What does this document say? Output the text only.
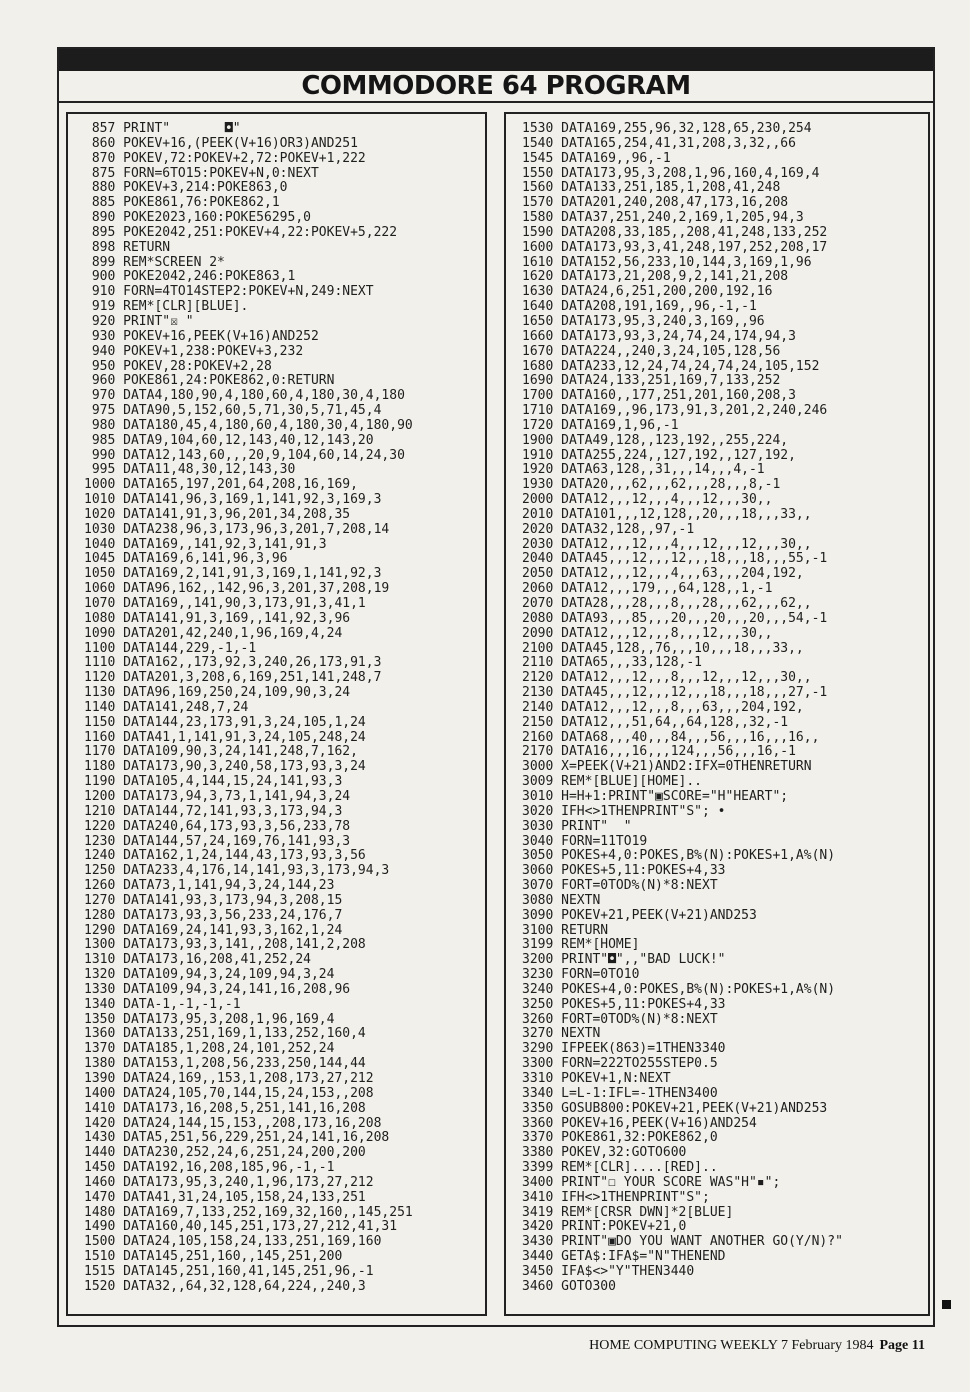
COMMODORE 64 PROGRAM
857 PRINT"       ◘"
860 POKEV+16,(PEEK(V+16)OR3)AND251
870 POKEV,72:POKEV+2,72:POKEV+1,222
875 FORN=6TO15:POKEV+N,0:NEXT
880 POKEV+3,214:POKE863,0
885 POKE861,76:POKE862,1
890 POKE2023,160:POKE56295,0
895 POKE2042,251:POKEV+4,22:POKEV+5,222
898 RETURN
899 REM*SCREEN 2*
900 POKE2042,246:POKE863,1
910 FORN=4TO14STEP2:POKEV+N,249:NEXT
919 REM*[CLR][BLUE].
920 PRINT"☒ "
930 POKEV+16,PEEK(V+16)AND252
940 POKEV+1,238:POKEV+3,232
950 POKEV,28:POKEV+2,28
960 POKE861,24:POKE862,0:RETURN
970 DATA4,180,90,4,180,60,4,180,30,4,180
975 DATA90,5,152,60,5,71,30,5,71,45,4
980 DATA180,45,4,180,60,4,180,30,4,180,90
985 DATA9,104,60,12,143,40,12,143,20
990 DATA12,143,60,,,20,9,104,60,14,24,30
995 DATA11,48,30,12,143,30
1000 DATA165,197,201,64,208,16,169,
1010 DATA141,96,3,169,1,141,92,3,169,3
1020 DATA141,91,3,96,201,34,208,35
1030 DATA238,96,3,173,96,3,201,7,208,14
1040 DATA169,,141,92,3,141,91,3
1045 DATA169,6,141,96,3,96
1050 DATA169,2,141,91,3,169,1,141,92,3
1060 DATA96,162,,142,96,3,201,37,208,19
1070 DATA169,,141,90,3,173,91,3,41,1
1080 DATA141,91,3,169,,141,92,3,96
1090 DATA201,42,240,1,96,169,4,24
1100 DATA144,229,-1,-1
1110 DATA162,,173,92,3,240,26,173,91,3
1120 DATA201,3,208,6,169,251,141,248,7
1130 DATA96,169,250,24,109,90,3,24
1140 DATA141,248,7,24
1150 DATA144,23,173,91,3,24,105,1,24
1160 DATA41,1,141,91,3,24,105,248,24
1170 DATA109,90,3,24,141,248,7,162,
1180 DATA173,90,3,240,58,173,93,3,24
1190 DATA105,4,144,15,24,141,93,3
1200 DATA173,94,3,73,1,141,94,3,24
1210 DATA144,72,141,93,3,173,94,3
1220 DATA240,64,173,93,3,56,233,78
1230 DATA144,57,24,169,76,141,93,3
1240 DATA162,1,24,144,43,173,93,3,56
1250 DATA233,4,176,14,141,93,3,173,94,3
1260 DATA73,1,141,94,3,24,144,23
1270 DATA141,93,3,173,94,3,208,15
1280 DATA173,93,3,56,233,24,176,7
1290 DATA169,24,141,93,3,162,1,24
1300 DATA173,93,3,141,,208,141,2,208
1310 DATA173,16,208,41,252,24
1320 DATA109,94,3,24,109,94,3,24
1330 DATA109,94,3,24,141,16,208,96
1340 DATA-1,-1,-1,-1
1350 DATA173,95,3,208,1,96,169,4
1360 DATA133,251,169,1,133,252,160,4
1370 DATA185,1,208,24,101,252,24
1380 DATA153,1,208,56,233,250,144,44
1390 DATA24,169,,153,1,208,173,27,212
1400 DATA24,105,70,144,15,24,153,,208
1410 DATA173,16,208,5,251,141,16,208
1420 DATA24,144,15,153,,208,173,16,208
1430 DATA5,251,56,229,251,24,141,16,208
1440 DATA230,252,24,6,251,24,200,200
1450 DATA192,16,208,185,96,-1,-1
1460 DATA173,95,3,240,1,96,173,27,212
1470 DATA41,31,24,105,158,24,133,251
1480 DATA169,7,133,252,169,32,160,,145,251
1490 DATA160,40,145,251,173,27,212,41,31
1500 DATA24,105,158,24,133,251,169,160
1510 DATA145,251,160,,145,251,200
1515 DATA145,251,160,41,145,251,96,-1
1520 DATA32,,64,32,128,64,224,,240,3
1530 DATA169,255,96,32,128,65,230,254
1540 DATA165,254,41,31,208,3,32,,66
1545 DATA169,,96,-1
1550 DATA173,95,3,208,1,96,160,4,169,4
1560 DATA133,251,185,1,208,41,248
1570 DATA201,240,208,47,173,16,208
1580 DATA37,251,240,2,169,1,205,94,3
1590 DATA208,33,185,,208,41,248,133,252
1600 DATA173,93,3,41,248,197,252,208,17
1610 DATA152,56,233,10,144,3,169,1,96
1620 DATA173,21,208,9,2,141,21,208
1630 DATA24,6,251,200,200,192,16
1640 DATA208,191,169,,96,-1,-1
1650 DATA173,95,3,240,3,169,,96
1660 DATA173,93,3,24,74,24,174,94,3
1670 DATA224,,240,3,24,105,128,56
1680 DATA233,12,24,74,24,74,24,105,152
1690 DATA24,133,251,169,7,133,252
1700 DATA160,,177,251,201,160,208,3
1710 DATA169,,96,173,91,3,201,2,240,246
1720 DATA169,1,96,-1
1900 DATA49,128,,123,192,,255,224,
1910 DATA255,224,,127,192,,127,192,
1920 DATA63,128,,31,,,14,,,4,-1
1930 DATA20,,,62,,,62,,,28,,,8,-1
2000 DATA12,,,12,,,4,,,12,,,30,,
2010 DATA101,,,12,128,,20,,,18,,,33,,
2020 DATA32,128,,97,-1
2030 DATA12,,,12,,,4,,,12,,,12,,,30,,
2040 DATA45,,,12,,,12,,,18,,,18,,,55,-1
2050 DATA12,,,12,,,4,,,63,,,204,192,
2060 DATA12,,,179,,,64,128,,1,-1
2070 DATA28,,,28,,,8,,,28,,,62,,,62,,
2080 DATA93,,,85,,,20,,,20,,,20,,,54,-1
2090 DATA12,,,12,,,8,,,12,,,30,,
2100 DATA45,128,,76,,,10,,,18,,,33,,
2110 DATA65,,,33,128,-1
2120 DATA12,,,12,,,8,,,12,,,12,,,30,,
2130 DATA45,,,12,,,12,,,18,,,18,,,27,-1
2140 DATA12,,,12,,,8,,,63,,,204,192,
2150 DATA12,,,51,64,,64,128,,32,-1
2160 DATA68,,,40,,,84,,,56,,,16,,,16,,
2170 DATA16,,,16,,,124,,,56,,,16,-1
3000 X=PEEK(V+21)AND2:IFX=0THENRETURN
3009 REM*[BLUE][HOME]..
3010 H=H+1:PRINT"▣SCORE="H"HEART";
3020 IFH<>1THENPRINT"S"; •
3030 PRINT"  "
3040 FORN=11TO19
3050 POKES+4,0:POKES,B%(N):POKES+1,A%(N)
3060 POKES+5,11:POKES+4,33
3070 FORT=0TOD%(N)*8:NEXT
3080 NEXTN
3090 POKEV+21,PEEK(V+21)AND253
3100 RETURN
3199 REM*[HOME]
3200 PRINT"◘",,"BAD LUCK!"
3230 FORN=0TO10
3240 POKES+4,0:POKES,B%(N):POKES+1,A%(N)
3250 POKES+5,11:POKES+4,33
3260 FORT=0TOD%(N)*8:NEXT
3270 NEXTN
3290 IFPEEK(863)=1THEN3340
3300 FORN=222TO255STEP0.5
3310 POKEV+1,N:NEXT
3340 L=L-1:IFL=-1THEN3400
3350 GOSUB800:POKEV+21,PEEK(V+21)AND253
3360 POKEV+16,PEEK(V+16)AND254
3370 POKE861,32:POKE862,0
3380 POKEV,32:GOTO600
3399 REM*[CLR]....[RED]..
3400 PRINT"☐ YOUR SCORE WAS"H"▪";
3410 IFH<>1THENPRINT"S";
3419 REM*[CRSR DWN]*2[BLUE]
3420 PRINT:POKEV+21,0
3430 PRINT"▣DO YOU WANT ANOTHER GO(Y/N)?"
3440 GETA$:IFA$="N"THENEND
3450 IFA$<>"Y"THEN3440
3460 GOTO300
HOME COMPUTING WEEKLY 7 February 1984 Page 11
